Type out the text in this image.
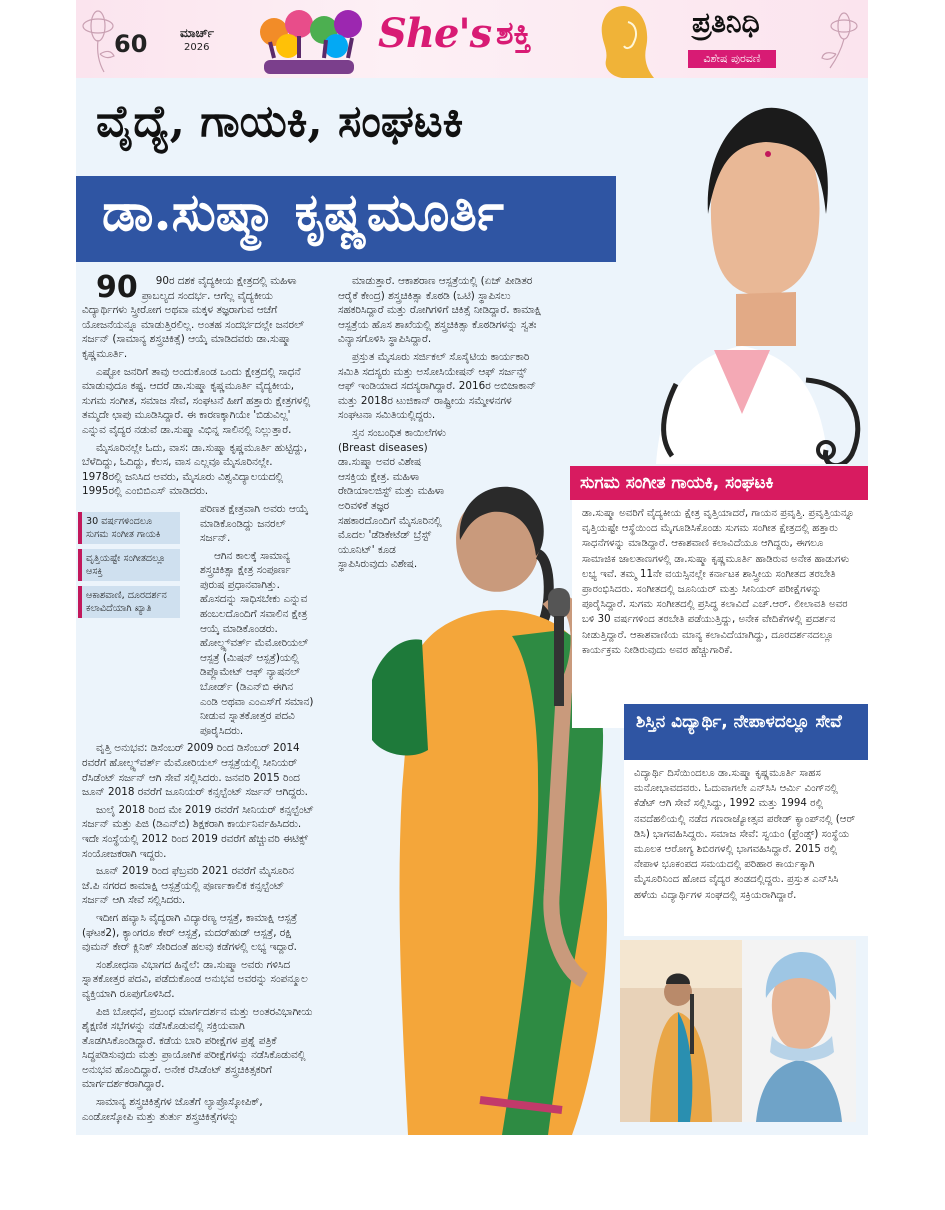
60	ಮಾರ್ಚ್
2026	She's ಶಕ್ತಿ	ಪ್ರತಿನಿಧಿ
ವಿಶೇಷ ಪುರವಣಿ
ವೈದ್ಯೆ, ಗಾಯಕಿ, ಸಂಘಟಕಿ
ಡಾ.ಸುಷ್ಮಾ ಕೃಷ್ಣಮೂರ್ತಿ

90 90ರ ದಶಕ ವೈದ್ಯಕೀಯ ಕ್ಷೇತ್ರದಲ್ಲಿ ಮಹಿಳಾ ಪ್ರಾಬಲ್ಯದ ಸಂದರ್ಭ. ಆಗೆಲ್ಲ ವೈದ್ಯಕೀಯ ವಿದ್ಯಾರ್ಥಿಗಳು ಸ್ತ್ರೀರೋಗ ಅಥವಾ ಮಕ್ಕಳ ತಜ್ಞರಾಗುವ ಆಚೆಗೆ ಯೋಜನೆಯನ್ನೂ ಮಾಡುತ್ತಿರಲಿಲ್ಲ. ಅಂತಹ ಸಂದರ್ಭದಲ್ಲೇ ಜನರಲ್ ಸರ್ಜನ್ (ಸಾಮಾನ್ಯ ಶಸ್ತ್ರಚಿಕಿತ್ಸೆ) ಆಯ್ಕೆ ಮಾಡಿದವರು ಡಾ.ಸುಷ್ಮಾ ಕೃಷ್ಣಮೂರ್ತಿ.

ಎಷ್ಟೋ ಜನರಿಗೆ ತಾವು ಅಂದುಕೊಂಡ ಒಂದು ಕ್ಷೇತ್ರದಲ್ಲಿ ಸಾಧನೆ ಮಾಡುವುದೂ ಕಷ್ಟ. ಆದರೆ ಡಾ.ಸುಷ್ಮಾ ಕೃಷ್ಣಮೂರ್ತಿ ವೈದ್ಯಕೀಯ, ಸುಗಮ ಸಂಗೀತ, ಸಮಾಜ ಸೇವೆ, ಸಂಘಟನೆ ಹೀಗೆ ಹತ್ತಾರು ಕ್ಷೇತ್ರಗಳಲ್ಲಿ ತಮ್ಮದೇ ಛಾಪು ಮೂಡಿಸಿದ್ದಾರೆ. ಈ ಕಾರಣಕ್ಕಾಗಿಯೇ 'ಬಿಡುವಿಲ್ಲ' ಎನ್ನುವ ವೈದ್ಯರ ನಡುವೆ ಡಾ.ಸುಷ್ಮಾ ವಿಭಿನ್ನ ಸಾಲಿನಲ್ಲಿ ನಿಲ್ಲುತ್ತಾರೆ.

ಮೈಸೂರಿನಲ್ಲೇ ಓದು, ವಾಸ: ಡಾ.ಸುಷ್ಮಾ ಕೃಷ್ಣಮೂರ್ತಿ ಹುಟ್ಟಿದ್ದು, ಬೆಳೆದಿದ್ದು, ಓದಿದ್ದು, ಕೆಲಸ, ವಾಸ ಎಲ್ಲವೂ ಮೈಸೂರಿನಲ್ಲೇ. 1978ರಲ್ಲಿ ಜನಿಸಿದ ಅವರು, ಮೈಸೂರು ವಿಶ್ವವಿದ್ಯಾಲಯದಲ್ಲಿ 1995ರಲ್ಲಿ ಎಂಬಿಬಿಎಸ್ ಮಾಡಿದರು.

ಪರಿಣತ ಕ್ಷೇತ್ರವಾಗಿ ಅವರು ಆಯ್ಕೆ ಮಾಡಿಕೊಂಡಿದ್ದು ಜನರಲ್ ಸರ್ಜನ್.

ಆಗಿನ ಕಾಲಕ್ಕೆ ಸಾಮಾನ್ಯ ಶಸ್ತ್ರಚಿಕಿತ್ಸಾ ಕ್ಷೇತ್ರ ಸಂಪೂರ್ಣ ಪುರುಷ ಪ್ರಧಾನವಾಗಿತ್ತು. ಹೊಸದನ್ನು ಸಾಧಿಸಬೇಕು ಎನ್ನುವ ಹಂಬಲದೊಂದಿಗೆ ಸವಾಲಿನ ಕ್ಷೇತ್ರ ಆಯ್ಕೆ ಮಾಡಿಕೊಂಡರು. ಹೋಲ್ಡ್ಸ್‌ವರ್ತ್ ಮೆಮೋರಿಯಲ್ ಆಸ್ಪತ್ರೆ (ಮಿಷನ್ ಆಸ್ಪತ್ರೆ)ಯಲ್ಲಿ ಡಿಪ್ಲೊಮೇಟ್ ಆಫ್ ನ್ಯಾಷನಲ್ ಬೋರ್ಡ್ (ಡಿಎನ್‌ಬಿ ಈಗಿನ ಎಂಡಿ ಅಥವಾ ಎಂಎಸ್‌ಗೆ ಸಮಾನ) ನೀಡುವ ಸ್ನಾತಕೋತ್ತರ ಪದವಿ ಪೂರೈಸಿದರು.

ವೃತ್ತಿ ಅನುಭವ: ಡಿಸೆಂಬರ್ 2009 ರಿಂದ ಡಿಸೆಂಬರ್ 2014 ರವರೆಗೆ ಹೋಲ್ಡ್ಸ್‌ವರ್ತ್ ಮೆಮೋರಿಯಲ್ ಆಸ್ಪತ್ರೆಯಲ್ಲಿ ಸೀನಿಯರ್ ರೆಸಿಡೆಂಟ್ ಸರ್ಜನ್ ಆಗಿ ಸೇವೆ ಸಲ್ಲಿಸಿದರು. ಜನವರಿ 2015 ರಿಂದ ಜೂನ್ 2018 ರವರೆಗೆ ಜೂನಿಯರ್ ಕನ್ಸಲ್ಟೆಂಟ್ ಸರ್ಜನ್ ಆಗಿದ್ದರು.

ಜುಲೈ 2018 ರಿಂದ ಮೇ 2019 ರವರೆಗೆ ಸೀನಿಯರ್ ಕನ್ಸಲ್ಟೆಂಟ್ ಸರ್ಜನ್ ಮತ್ತು ಪಿಜಿ (ಡಿಎನ್‌ಬಿ) ಶಿಕ್ಷಕರಾಗಿ ಕಾರ್ಯನಿರ್ವಹಿಸಿದರು. ಇದೇ ಸಂಸ್ಥೆಯಲ್ಲಿ 2012 ರಿಂದ 2019 ರವರೆಗೆ ಹೆಚ್ಚುವರಿ ಈಟಿಕ್ಸ್ ಸಂಯೋಜಕರಾಗಿ ಇದ್ದರು.

ಜೂನ್ 2019 ರಿಂದ ಫೆಬ್ರವರಿ 2021 ರವರೆಗೆ ಮೈಸೂರಿನ ಜೆ.ಪಿ ನಗರದ ಕಾಮಾಕ್ಷಿ ಆಸ್ಪತ್ರೆಯಲ್ಲಿ ಪೂರ್ಣಕಾಲಿಕ ಕನ್ಸಲ್ಟೆಂಟ್ ಸರ್ಜನ್ ಆಗಿ ಸೇವೆ ಸಲ್ಲಿಸಿದರು.

ಇದೀಗ ಹವ್ಯಾಸಿ ವೈದ್ಯರಾಗಿ ವಿದ್ಯಾರಣ್ಯ ಆಸ್ಪತ್ರೆ, ಕಾಮಾಕ್ಷಿ ಆಸ್ಪತ್ರೆ (ಘಟಕ2), ಕ್ಯಾಂಗರೂ ಕೇರ್ ಆಸ್ಪತ್ರೆ, ಮದರ್‌ಹುಡ್ ಆಸ್ಪತ್ರೆ, ರಕ್ಷಿ ವುಮನ್ ಕೇರ್ ಕ್ಲಿನಿಕ್ ಸೇರಿದಂತೆ ಹಲವು ಕಡೆಗಳಲ್ಲಿ ಲಭ್ಯ ಇದ್ದಾರೆ.

ಸಂಶೋಧನಾ ವಿಭಾಗದ ಹಿನ್ನೆಲೆ: ಡಾ.ಸುಷ್ಮಾ ಅವರು ಗಳಿಸಿದ ಸ್ನಾತಕೋತ್ತರ ಪದವಿ, ಪಡೆದುಕೊಂಡ ಅನುಭವ ಅವರನ್ನು ಸಂಪನ್ಮೂಲ ವ್ಯಕ್ತಿಯಾಗಿ ರೂಪುಗೊಳಿಸಿದೆ.

ಪಿಜಿ ಬೋಧನೆ, ಪ್ರಬಂಧ ಮಾರ್ಗದರ್ಶನ ಮತ್ತು ಅಂತರವಿಭಾಗೀಯ ಶೈಕ್ಷಣಿಕ ಸಭೆಗಳನ್ನು ನಡೆಸಿಕೊಡುವಲ್ಲಿ ಸಕ್ರಿಯವಾಗಿ ತೊಡಗಿಸಿಕೊಂಡಿದ್ದಾರೆ. ಕಡೆಯ ಬಾರಿ ಪರೀಕ್ಷೆಗಳ ಪ್ರಶ್ನೆ ಪತ್ರಿಕೆ ಸಿದ್ಧಪಡಿಸುವುದು ಮತ್ತು ಪ್ರಾಯೋಗಿಕ ಪರೀಕ್ಷೆಗಳನ್ನು ನಡೆಸಿಕೊಡುವಲ್ಲಿ ಅನುಭವ ಹೊಂದಿದ್ದಾರೆ. ಅನೇಕ ರೆಸಿಡೆಂಟ್ ಶಸ್ತ್ರಚಿಕಿತ್ಸಕರಿಗೆ ಮಾರ್ಗದರ್ಶಕರಾಗಿದ್ದಾರೆ.

ಸಾಮಾನ್ಯ ಶಸ್ತ್ರಚಿಕಿತ್ಸೆಗಳ ಜೊತೆಗೆ ಲ್ಯಾಪ್ರೊಸ್ಕೋಪಿಕ್, ಎಂಡೋಸ್ಕೋಪಿ ಮತ್ತು ತುರ್ತು ಶಸ್ತ್ರಚಿಕಿತ್ಸೆಗಳನ್ನು

30 ವರ್ಷಗಳಿಂದಲೂ ಸುಗಮ ಸಂಗೀತ ಗಾಯಕಿ
ವೃತ್ತಿಯಷ್ಟೇ ಸಂಗೀತದಲ್ಲೂ ಆಸಕ್ತಿ
ಆಕಾಶವಾಣಿ, ದೂರದರ್ಶನ ಕಲಾವಿದೆಯಾಗಿ ಖ್ಯಾತಿ

ಮಾಡುತ್ತಾರೆ. ಆಕಾಶರಾಣ ಆಸ್ಪತ್ರೆಯಲ್ಲಿ (ಏಜ್ ಪೀಡಿತರ ಆರೈಕೆ ಕೇಂದ್ರ) ಶಸ್ತ್ರಚಿಕಿತ್ಸಾ ಕೊಠಡಿ (ಒಟಿ) ಸ್ಥಾಪಿಸಲು ಸಹಕರಿಸಿದ್ದಾರೆ ಮತ್ತು ರೋಗಿಗಳಿಗೆ ಚಿಕಿತ್ಸೆ ನೀಡಿದ್ದಾರೆ. ಕಾಮಾಕ್ಷಿ ಆಸ್ಪತ್ರೆಯ ಹೊಸ ಶಾಖೆಯಲ್ಲಿ ಶಸ್ತ್ರಚಿಕಿತ್ಸಾ ಕೊಠಡಿಗಳನ್ನು ಸ್ವತಃ ವಿನ್ಯಾಸಗೊಳಿಸಿ ಸ್ಥಾಪಿಸಿದ್ದಾರೆ.

ಪ್ರಸ್ತುತ ಮೈಸೂರು ಸರ್ಜಿಕಲ್ ಸೊಸೈಟಿಯ ಕಾರ್ಯಕಾರಿ ಸಮಿತಿ ಸದಸ್ಯರು ಮತ್ತು ಅಸೋಸಿಯೇಷನ್ ಆಫ್ ಸರ್ಜನ್ಸ್ ಆಫ್ ಇಂಡಿಯಾದ ಸದಸ್ಯರಾಗಿದ್ದಾರೆ. 2016ರ ಅಬಿಜಾಕಾನ್ ಮತ್ತು 2018ರ ಟುಜಿಕಾನ್ ರಾಷ್ಟ್ರೀಯ ಸಮ್ಮೇಳನಗಳ ಸಂಘಟನಾ ಸಮಿತಿಯಲ್ಲಿದ್ದರು.

ಸ್ತನ ಸಂಬಂಧಿತ ಕಾಯಿಲೆಗಳು (Breast diseases) ಡಾ.ಸುಷ್ಮಾ ಅವರ ವಿಶೇಷ ಆಸಕ್ತಿಯ ಕ್ಷೇತ್ರ. ಮಹಿಳಾ ರೇಡಿಯಾಲಜಿಸ್ಟ್ ಮತ್ತು ಮಹಿಳಾ ಅರಿವಳಿಕೆ ತಜ್ಞರ ಸಹಕಾರದೊಂದಿಗೆ ಮೈಸೂರಿನಲ್ಲಿ ಮೊದಲ 'ಡೆಡಿಕೇಟೆಡ್ ಬ್ರೆಸ್ಟ್ ಯೂನಿಟ್' ಕೂಡ ಸ್ಥಾಪಿಸಿರುವುದು ವಿಶೇಷ.

ಸುಗಮ ಸಂಗೀತ ಗಾಯಕಿ, ಸಂಘಟಕಿ

ಡಾ.ಸುಷ್ಮಾ ಅವರಿಗೆ ವೈದ್ಯಕೀಯ ಕ್ಷೇತ್ರ ವೃತ್ತಿಯಾದರೆ, ಗಾಯನ ಪ್ರವೃತ್ತಿ. ಪ್ರವೃತ್ತಿಯನ್ನೂ ವೃತ್ತಿಯಷ್ಟೇ ಆಸ್ಥೆಯಿಂದ ಮೈಗೂಡಿಸಿಕೊಂಡು ಸುಗಮ ಸಂಗೀತ ಕ್ಷೇತ್ರದಲ್ಲಿ ಹತ್ತಾರು ಸಾಧನೆಗಳನ್ನು ಮಾಡಿದ್ದಾರೆ. ಆಕಾಶವಾಣಿ ಕಲಾವಿದೆಯೂ ಆಗಿದ್ದರು, ಈಗಲೂ ಸಾಮಾಜಿಕ ಜಾಲತಾಣಗಳಲ್ಲಿ ಡಾ.ಸುಷ್ಮಾ ಕೃಷ್ಣಮೂರ್ತಿ ಹಾಡಿರುವ ಅನೇಕ ಹಾಡುಗಳು ಲಭ್ಯ ಇವೆ. ತಮ್ಮ 11ನೇ ವಯಸ್ಸಿನಲ್ಲೇ ಕರ್ನಾಟಕ ಶಾಸ್ತ್ರೀಯ ಸಂಗೀತದ ತರಬೇತಿ ಪ್ರಾರಂಭಿಸಿದರು. ಸಂಗೀತದಲ್ಲಿ ಜೂನಿಯರ್ ಮತ್ತು ಸೀನಿಯರ್ ಪರೀಕ್ಷೆಗಳನ್ನು ಪೂರೈಸಿದ್ದಾರೆ. ಸುಗಮ ಸಂಗೀತದಲ್ಲಿ ಪ್ರಸಿದ್ಧ ಕಲಾವಿದೆ ಎಚ್.ಆರ್. ಲೀಲಾವತಿ ಅವರ ಬಳಿ 30 ವರ್ಷಗಳಿಂದ ತರಬೇತಿ ಪಡೆಯುತ್ತಿದ್ದು, ಅನೇಕ ವೇದಿಕೆಗಳಲ್ಲಿ ಪ್ರದರ್ಶನ ನೀಡುತ್ತಿದ್ದಾರೆ. ಆಕಾಶವಾಣಿಯ ಮಾನ್ಯ ಕಲಾವಿದೆಯಾಗಿದ್ದು, ದೂರದರ್ಶನದಲ್ಲೂ ಕಾರ್ಯಕ್ರಮ ನೀಡಿರುವುದು ಅವರ ಹೆಚ್ಚುಗಾರಿಕೆ.

ಶಿಸ್ತಿನ ವಿದ್ಯಾರ್ಥಿ, ನೇಪಾಳದಲ್ಲೂ ಸೇವೆ

ವಿದ್ಯಾರ್ಥಿ ದಿಸೆಯಿಂದಲೂ ಡಾ.ಸುಷ್ಮಾ ಕೃಷ್ಣಮೂರ್ತಿ ಸಾಹಸ ಮನೋಭಾವದವರು. ಓದುವಾಗಲೇ ಎನ್‌ಸಿಸಿ ಆರ್ಮಿ ವಿಂಗ್‌ನಲ್ಲಿ ಕೆಡೆಟ್ ಆಗಿ ಸೇವೆ ಸಲ್ಲಿಸಿದ್ದು, 1992 ಮತ್ತು 1994 ರಲ್ಲಿ ನವದೆಹಲಿಯಲ್ಲಿ ನಡೆದ ಗಣರಾಜ್ಯೋತ್ಸವ ಪರೇಡ್ ಕ್ಯಾಂಪ್‌ನಲ್ಲಿ (ಆರ್ ಡಿಸಿ) ಭಾಗವಹಿಸಿದ್ದರು. ಸಮಾಜ ಸೇವೆ: ಸ್ವಯಂ (ಫ್ರೆಂಡ್ಸ್) ಸಂಸ್ಥೆಯ ಮೂಲಕ ಆರೋಗ್ಯ ಶಿಬಿರಗಳಲ್ಲಿ ಭಾಗವಹಿಸಿದ್ದಾರೆ. 2015 ರಲ್ಲಿ ನೇಪಾಳ ಭೂಕಂಪದ ಸಮಯದಲ್ಲಿ ಪರಿಹಾರ ಕಾರ್ಯಕ್ಕಾಗಿ ಮೈಸೂರಿನಿಂದ ಹೋದ ವೈದ್ಯರ ತಂಡದಲ್ಲಿದ್ದರು. ಪ್ರಸ್ತುತ ಎನ್‌ಸಿಸಿ ಹಳೆಯ ವಿದ್ಯಾರ್ಥಿಗಳ ಸಂಘದಲ್ಲಿ ಸಕ್ರಿಯರಾಗಿದ್ದಾರೆ.
